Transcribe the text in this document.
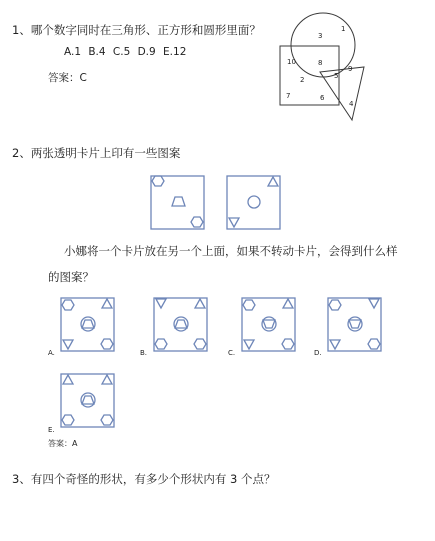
1、哪个数字同时在三角形、正方形和圆形里面？
A.1 B.4 C.5 D.9 E.12
答案：C
1
3
10	8
9
5
2
7	6
4
2、两张透明卡片上印有一些图案
小娜将一个卡片放在另一个上面，如果不转动卡片，会得到什么样
的图案？
A.	B.	C.	D.
E.
答案：A
3、有四个奇怪的形状，有多少个形状内有 3 个点？
